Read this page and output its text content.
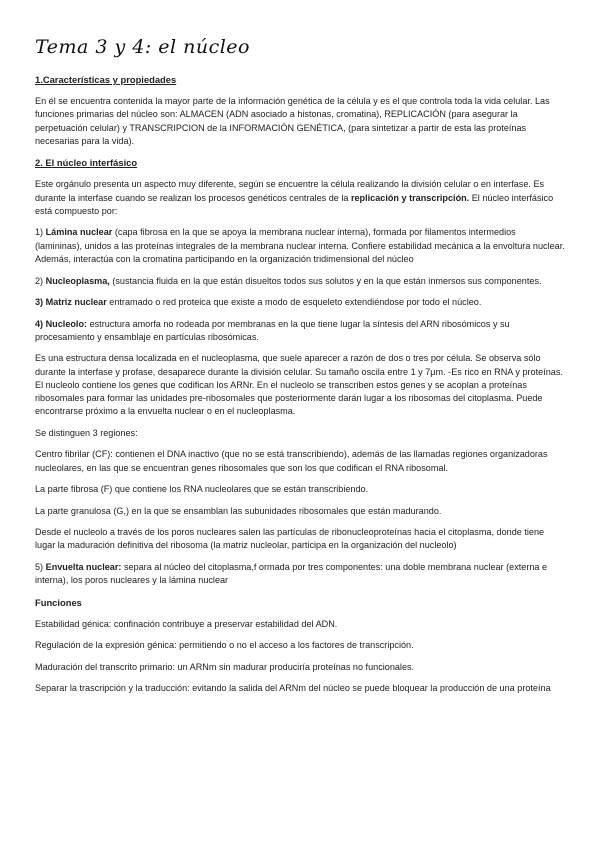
Tema 3 y 4: el núcleo
1.Características y propiedades

En él se encuentra contenida la mayor parte de la información genética de la célula y es el que controla toda la vida celular. Las funciones primarias del núcleo son: ALMACEN (ADN asociado a histonas, cromatina), REPLICACIÓN (para asegurar la perpetuación celular) y TRANSCRIPCION de la INFORMACIÓN GENÉTICA, (para sintetizar a partir de esta las proteínas necesarias para la vida).

2. El núcleo interfásico

Este orgánulo presenta un aspecto muy diferente, según se encuentre la célula realizando la división celular o en interfase. Es durante la interfase cuando se realizan los procesos genéticos centrales de la replicación y transcripción. El núcleo interfásico está compuesto por:

1) Lámina nuclear (capa fibrosa en la que se apoya la membrana nuclear interna), formada por filamentos intermedios (lamininas), unidos a las proteínas integrales de la membrana nuclear interna. Confiere estabilidad mecánica a la envoltura nuclear. Además, interactúa con la cromatina participando en la organización tridimensional del núcleo

2) Nucleoplasma, (sustancia fluida en la que están disueltos todos sus solutos y en la que están inmersos sus componentes.

3) Matriz nuclear entramado o red proteica que existe a modo de esqueleto extendiéndose por todo el núcleo.

4) Nucleolo: estructura amorfa no rodeada por membranas en la que tiene lugar la síntesis del ARN ribosómicos y su procesamiento y ensamblaje en partículas ribosómicas.

Es una estructura densa localizada en el nucleoplasma, que suele aparecer a razón de dos o tres por célula. Se observa sólo durante la interfase y profase, desaparece durante la división celular. Su tamaño oscila entre 1 y 7μm. -Es rico en RNA y proteínas. El nucleolo contiene los genes que codifican los ARNr. En el nucleolo se transcriben estos genes y se acoplan a proteínas ribosomales para formar las unidades pre-ribosomales que posteriormente darán lugar a los ribosomas del citoplasma. Puede encontrarse próximo a la envuelta nuclear o en el nucleoplasma.

Se distinguen 3 regiones:

Centro fibrilar (CF): contienen el DNA inactivo (que no se está transcribiendo), además de las llamadas regiones organizadoras nucleolares, en las que se encuentran genes ribosomales que son los que codifican el RNA ribosomal.

La parte fibrosa (F) que contiene los RNA nucleolares que se están transcribiendo.

La parte granulosa (G,) en la que se ensamblan las subunidades ribosomales que están madurando.

Desde el nucleolo a través de los poros nucleares salen las partículas de ribonucleoproteínas hacia el citoplasma, donde tiene lugar la maduración definitiva del ribosoma (la matriz nucleolar, participa en la organización del nucleolo)

5) Envuelta nuclear: separa al núcleo del citoplasma,f ormada por tres componentes: una doble membrana nuclear (externa e interna), los poros nucleares y la lámina nuclear

Funciones

Estabilidad génica: confinación contribuye a preservar estabilidad del ADN.

Regulación de la expresión génica: permitiendo o no el acceso a los factores de transcripción.

Maduración del transcrito primario: un ARNm sin madurar produciría proteínas no funcionales.

Separar la trascripción y la traducción: evitando la salida del ARNm del núcleo se puede bloquear la producción de una proteína
